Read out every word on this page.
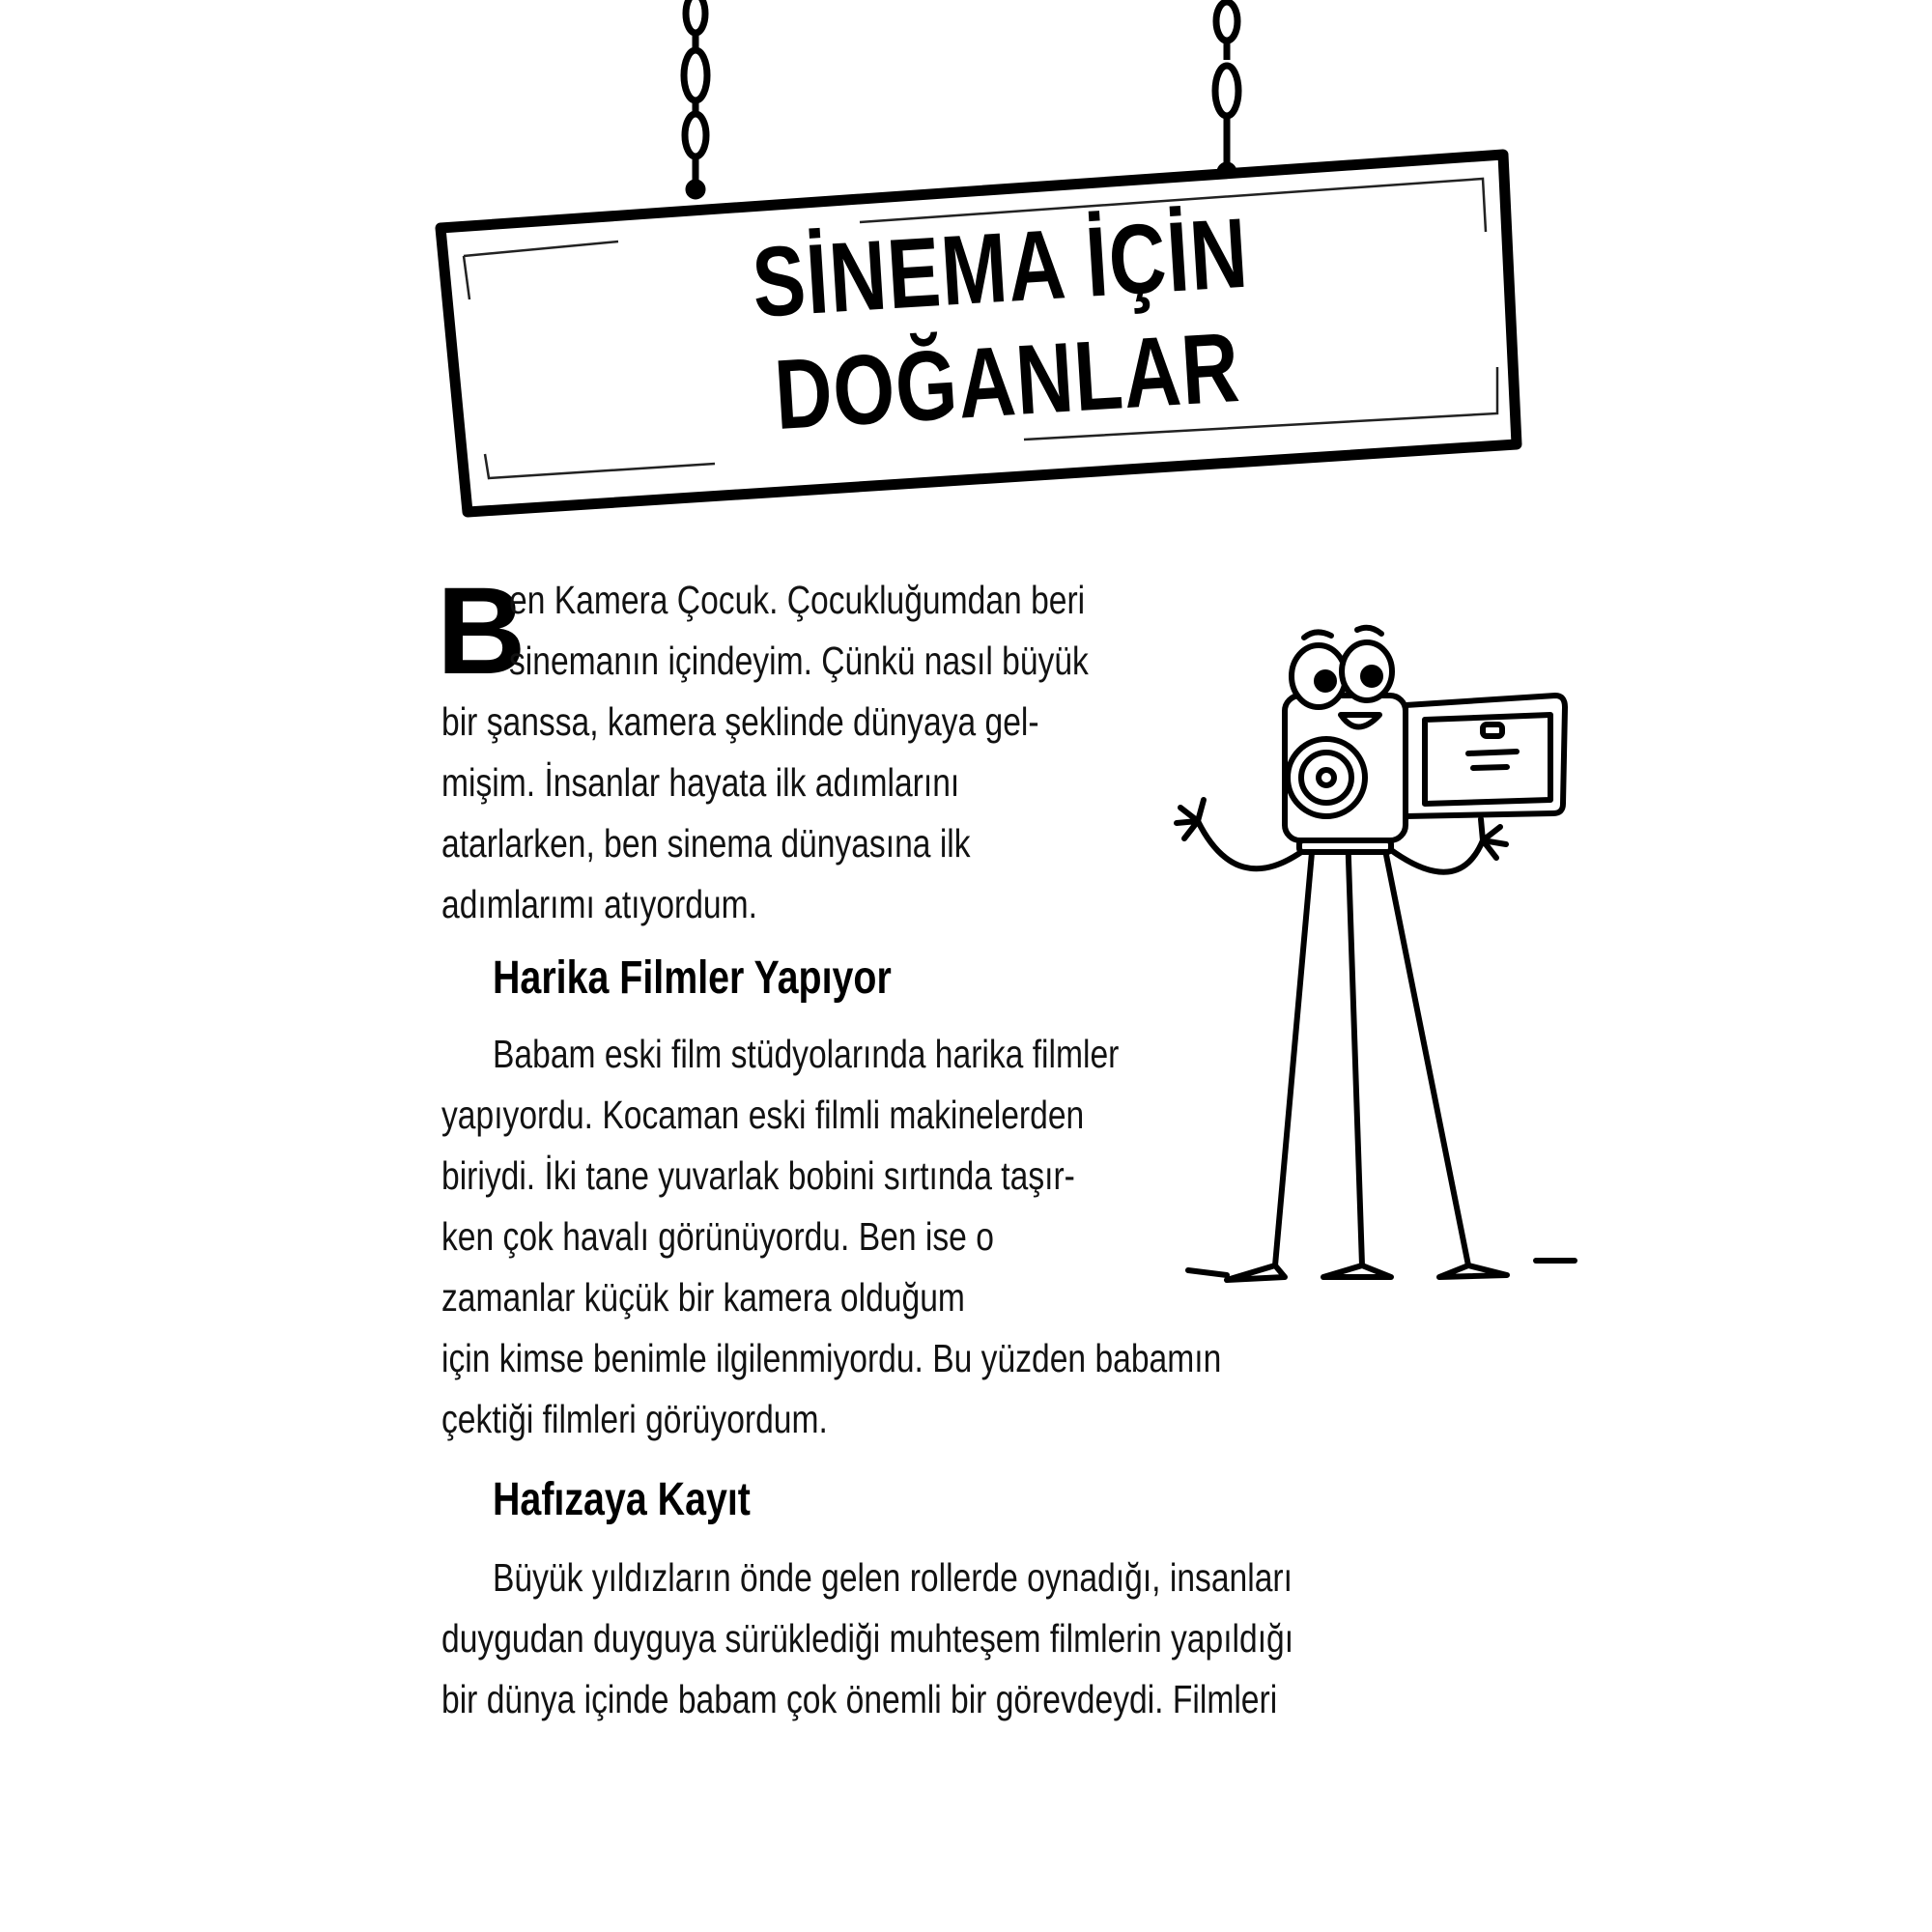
SİNEMA İÇİN DOĞANLAR
B
en Kamera Çocuk. Çocukluğumdan beri
sinemanın içindeyim. Çünkü nasıl büyük
bir şanssa, kamera şeklinde dünyaya gel-
mişim. İnsanlar hayata ilk adımlarını
atarlarken, ben sinema dünyasına ilk
adımlarımı atıyordum.
Harika Filmler Yapıyor
Babam eski film stüdyolarında harika filmler
yapıyordu. Kocaman eski filmli makinelerden
biriydi. İki tane yuvarlak bobini sırtında taşır-
ken çok havalı görünüyordu. Ben ise o
zamanlar küçük bir kamera olduğum
için kimse benimle ilgilenmiyordu. Bu yüzden babamın
çektiği filmleri görüyordum.
Hafızaya Kayıt
Büyük yıldızların önde gelen rollerde oynadığı, insanları
duygudan duyguya sürüklediği muhteşem filmlerin yapıldığı
bir dünya içinde babam çok önemli bir görevdeydi. Filmleri
